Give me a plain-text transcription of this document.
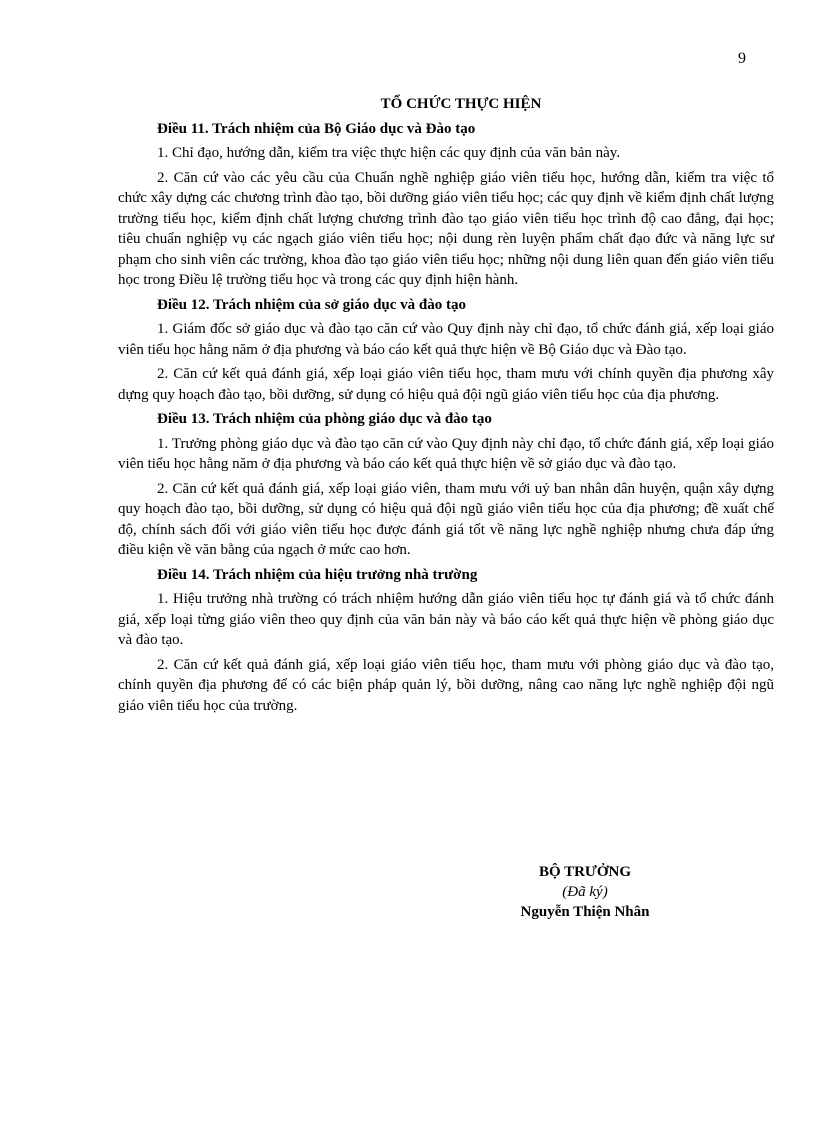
9
TỔ CHỨC THỰC HIỆN
Điều 11. Trách nhiệm của Bộ Giáo dục và Đào tạo
1. Chỉ đạo, hướng dẫn, kiểm tra việc thực hiện các quy định của văn bản này.
2. Căn cứ vào các yêu cầu của Chuẩn nghề nghiệp giáo viên tiểu học, hướng dẫn, kiểm tra việc tổ chức xây dựng các chương trình đào tạo, bồi dưỡng giáo viên tiểu học; các quy định về kiểm định chất lượng trường tiểu học, kiểm định chất lượng chương trình đào tạo giáo viên tiểu học trình độ cao đẳng, đại học; tiêu chuẩn nghiệp vụ các ngạch giáo viên tiểu học; nội dung rèn luyện phẩm chất đạo đức và năng lực sư phạm cho sinh viên các trường, khoa đào tạo giáo viên tiểu học; những nội dung liên quan đến giáo viên tiểu học trong Điều lệ trường tiểu học và trong các quy định hiện hành.
Điều 12. Trách nhiệm của sở giáo dục và đào tạo
1. Giám đốc sở giáo dục và đào tạo căn cứ vào Quy định này chỉ đạo, tổ chức đánh giá, xếp loại giáo viên tiểu học hằng năm ở địa phương và báo cáo kết quả thực hiện về Bộ Giáo dục và Đào tạo.
2. Căn cứ kết quả đánh giá, xếp loại giáo viên tiểu học, tham mưu với chính quyền địa phương xây dựng quy hoạch đào tạo, bồi dưỡng, sử dụng có hiệu quả đội ngũ giáo viên tiểu học của địa phương.
Điều 13. Trách nhiệm của phòng giáo dục và đào tạo
1. Trưởng phòng giáo dục và đào tạo căn cứ vào Quy định này chỉ đạo, tổ chức đánh giá, xếp loại giáo viên tiểu học hằng năm ở địa phương và báo cáo kết quả thực hiện về sở giáo dục và đào tạo.
2. Căn cứ kết quả đánh giá, xếp loại giáo viên, tham mưu với uỷ ban nhân dân huyện, quận xây dựng quy hoạch đào tạo, bồi dưỡng, sử dụng có hiệu quả đội ngũ giáo viên tiểu học của địa phương; đề xuất chế độ, chính sách đối với giáo viên tiểu học được đánh giá tốt về năng lực nghề nghiệp nhưng chưa đáp ứng điều kiện về văn bằng của ngạch ở mức cao hơn.
Điều 14. Trách nhiệm của hiệu trưởng nhà trường
1. Hiệu trưởng nhà trường có trách nhiệm hướng dẫn giáo viên tiểu học tự đánh giá và tổ chức đánh giá, xếp loại từng giáo viên theo quy định của văn bản này và báo cáo kết quả thực hiện về phòng giáo dục và đào tạo.
2. Căn cứ kết quả đánh giá, xếp loại giáo viên tiểu học, tham mưu với phòng giáo dục và đào tạo, chính quyền địa phương để có các biện pháp quản lý, bồi dưỡng, nâng cao năng lực nghề nghiệp đội ngũ giáo viên tiểu học của trường.
BỘ TRƯỞNG
(Đã ký)
Nguyễn Thiện Nhân
